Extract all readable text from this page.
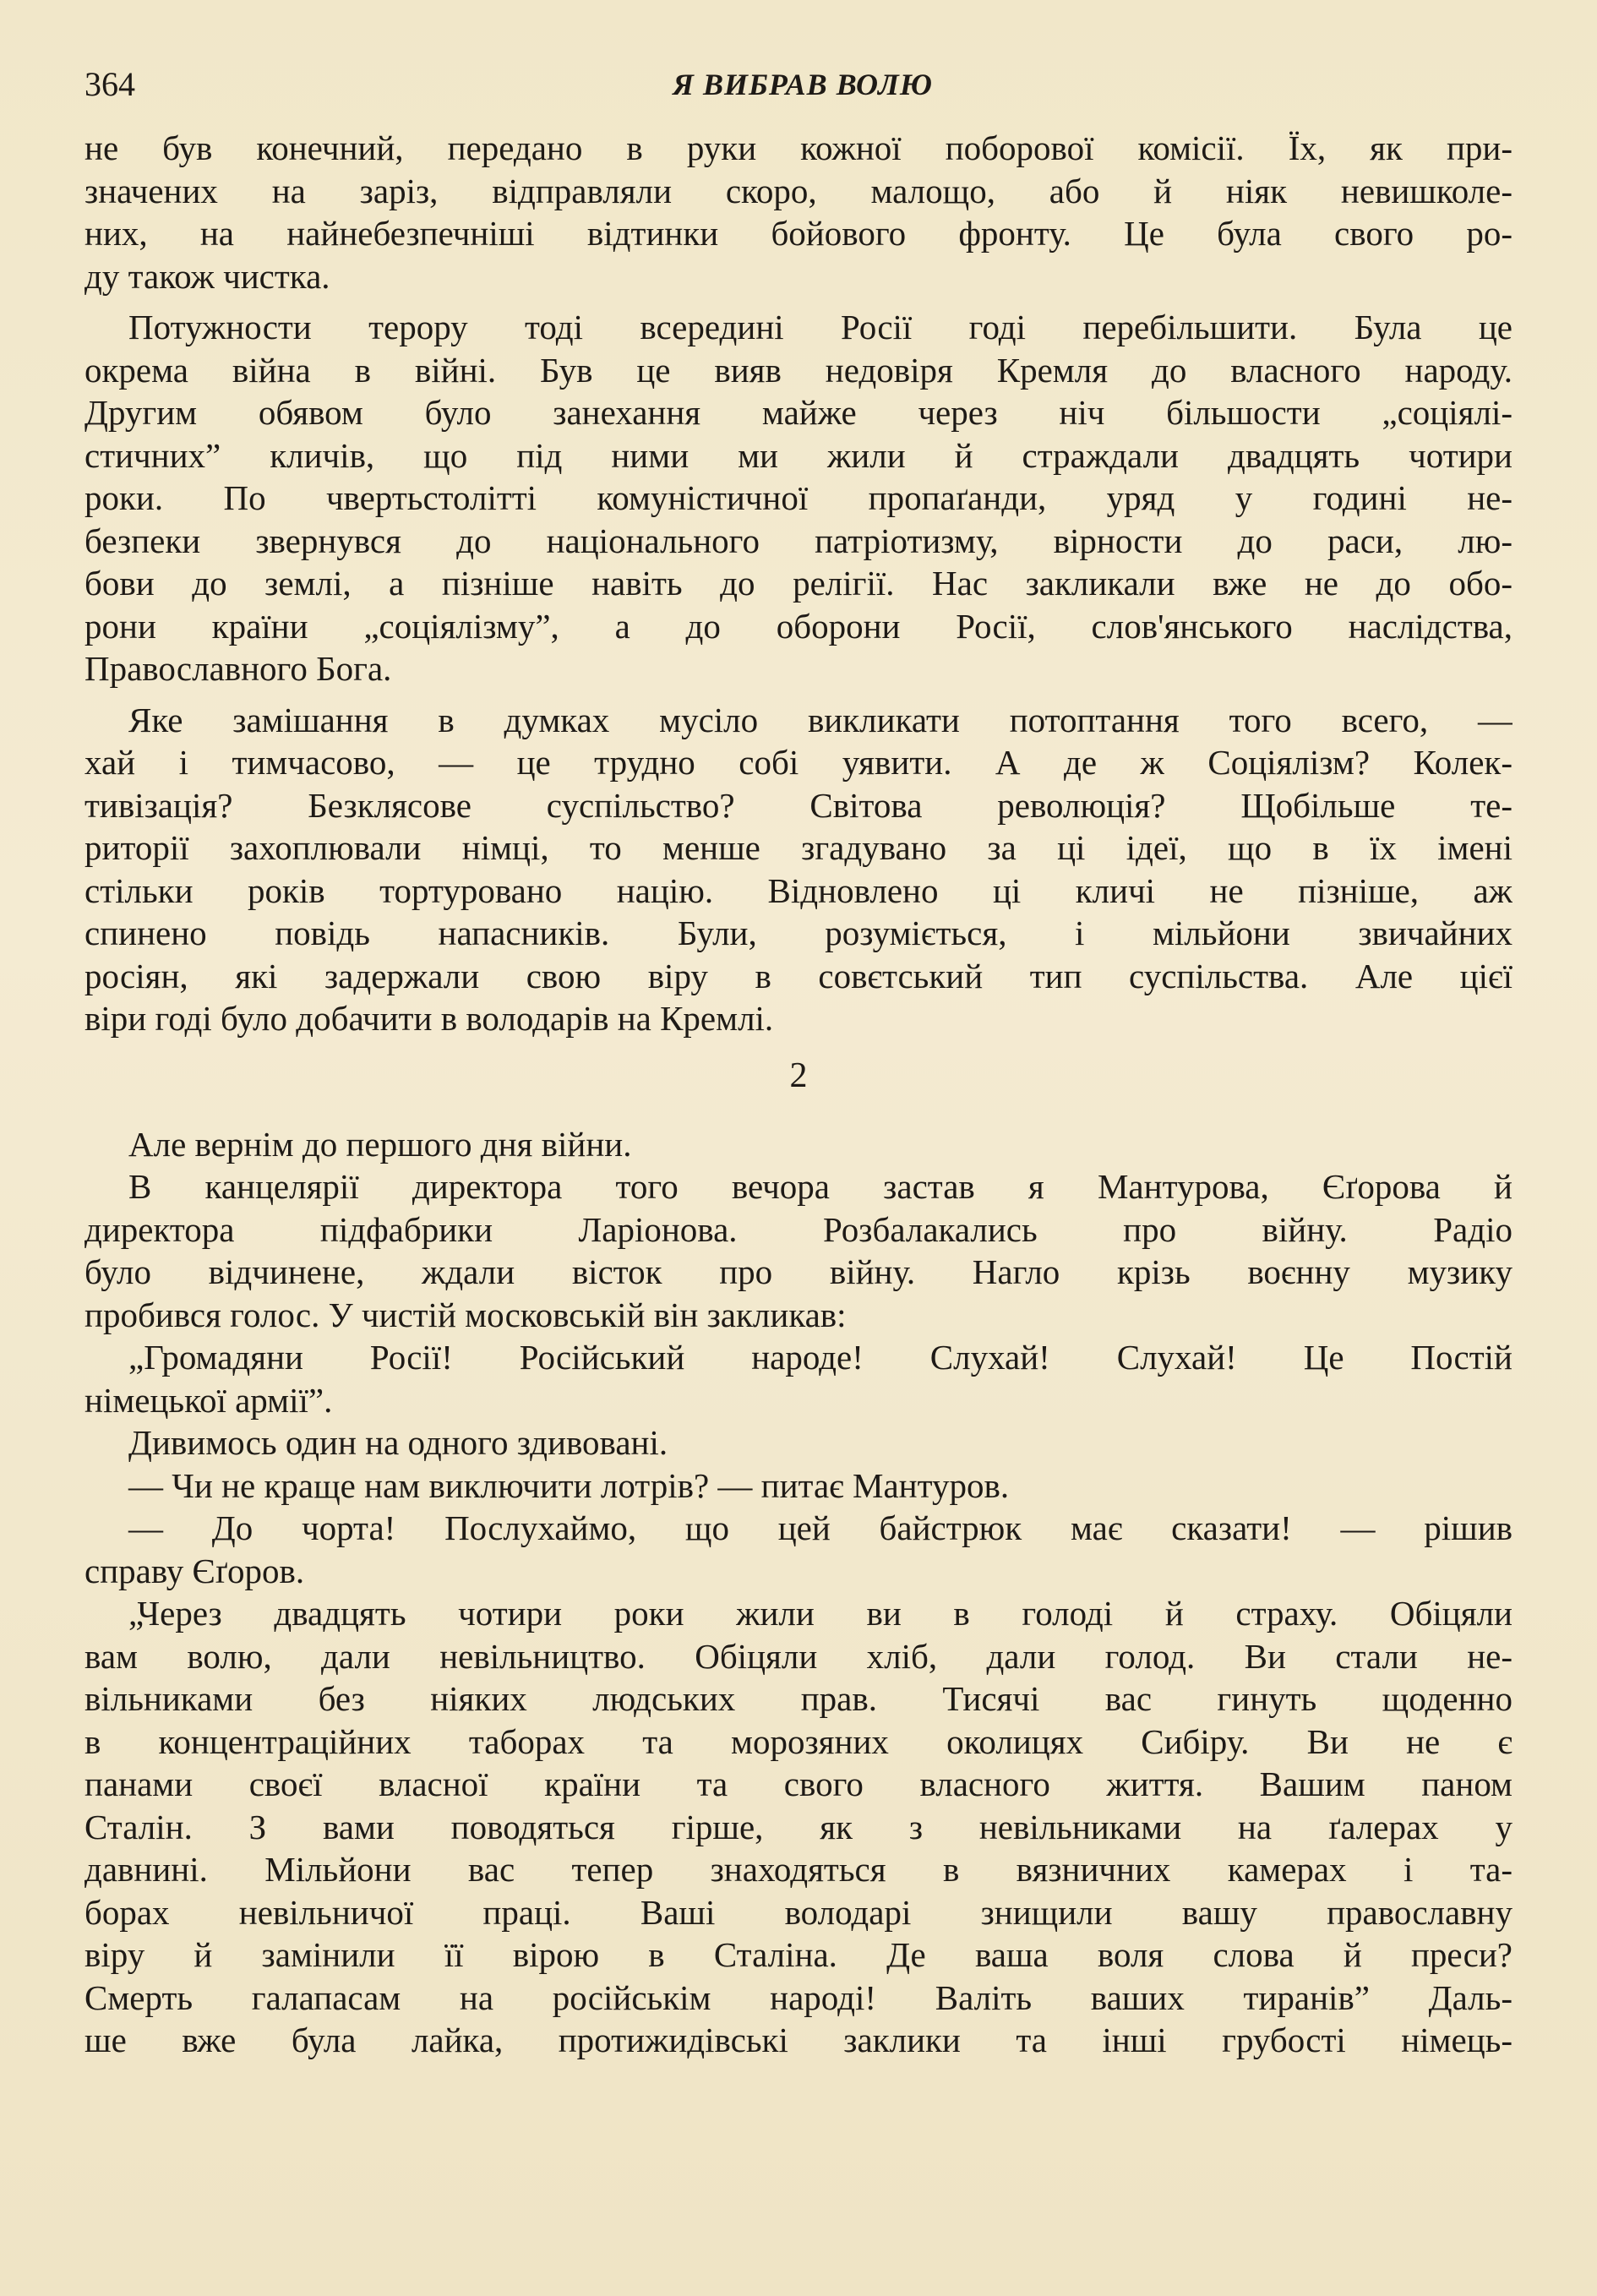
364	Я ВИБРАВ ВОЛЮ
не був конечний, передано в руки кожної поборової комісії. Їх, як при-
значених на заріз, відправляли скоро, малощо, або й ніяк невишколе-
них, на найнебезпечніші відтинки бойового фронту. Це була свого ро-
ду також чистка.
Потужности терору тоді всередині Росії годі перебільшити. Була це
окрема війна в війні. Був це вияв недовіря Кремля до власного народу.
Другим обявом було занехання майже через ніч більшости „соціялі-
стичних” кличів, що під ними ми жили й страждали двадцять чотири
роки. По чвертьстолітті комуністичної пропаґанди, уряд у годині не-
безпеки звернувся до національного патріотизму, вірности до раси, лю-
бови до землі, а пізніше навіть до релігії. Нас закликали вже не до обо-
рони країни „соціялізму”, а до оборони Росії, слов'янського наслідства,
Православного Бога.
Яке замішання в думках мусіло викликати потоптання того всего, —
хай і тимчасово, — це трудно собі уявити. А де ж Соціялізм? Колек-
тивізація? Безклясове суспільство? Світова революція? Щобільше те-
риторії захоплювали німці, то менше згадувано за ці ідеї, що в їх імені
стільки років тортуровано націю. Відновлено ці кличі не пізніше, аж
спинено повідь напасників. Були, розуміється, і мільйони звичайних
росіян, які задержали свою віру в совєтський тип суспільства. Але цієї
віри годі було добачити в володарів на Кремлі.
2
Але вернім до першого дня війни.
В канцелярії директора того вечора застав я Мантурова, Єґорова й
директора підфабрики Ларіонова. Розбалакались про війну. Радіо
було відчинене, ждали вісток про війну. Нагло крізь воєнну музику
пробився голос. У чистій московській він закликав:
„Громадяни Росії! Російський народе! Слухай! Слухай! Це Постій
німецької армії”.
Дивимось один на одного здивовані.
— Чи не краще нам виключити лотрів? — питає Мантуров.
— До чорта! Послухаймо, що цей байстрюк має сказати! — рішив
справу Єґоров.
„Через двадцять чотири роки жили ви в голоді й страху. Обіцяли
вам волю, дали невільництво. Обіцяли хліб, дали голод. Ви стали не-
вільниками без ніяких людських прав. Тисячі вас гинуть щоденно
в концентраційних таборах та морозяних околицях Сибіру. Ви не є
панами своєї власної країни та свого власного життя. Вашим паном
Сталін. З вами поводяться гірше, як з невільниками на ґалерах у
давнині. Мільйони вас тепер знаходяться в вязничних камерах і та-
борах невільничої праці. Ваші володарі знищили вашу православну
віру й замінили її вірою в Сталіна. Де ваша воля слова й преси?
Смерть галапасам на російськім народі! Валіть ваших тиранів” Даль-
ше вже була лайка, протижидівські заклики та інші грубості німець-
